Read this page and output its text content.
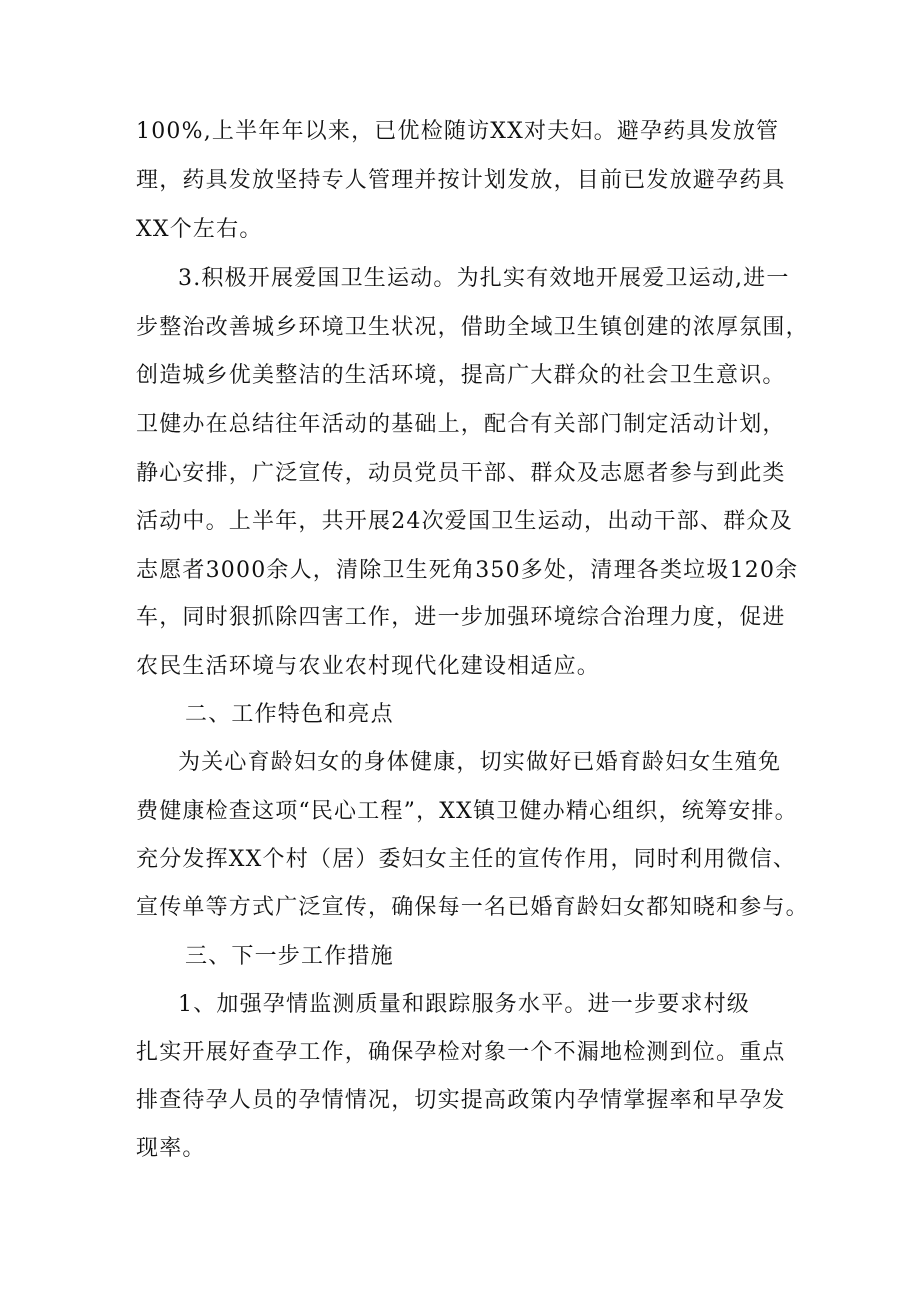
100%,上半年年以来，已优检随访XX对夫妇。避孕药具发放管
理，药具发放坚持专人管理并按计划发放，目前已发放避孕药具
XX个左右。
3.积极开展爱国卫生运动。为扎实有效地开展爱卫运动,进一
步整治改善城乡环境卫生状况，借助全域卫生镇创建的浓厚氛围，
创造城乡优美整洁的生活环境，提高广大群众的社会卫生意识。
卫健办在总结往年活动的基础上，配合有关部门制定活动计划，
静心安排，广泛宣传，动员党员干部、群众及志愿者参与到此类
活动中。上半年，共开展24次爱国卫生运动，出动干部、群众及
志愿者3000余人，清除卫生死角350多处，清理各类垃圾120余
车，同时狠抓除四害工作，进一步加强环境综合治理力度，促进
农民生活环境与农业农村现代化建设相适应。
二、工作特色和亮点
为关心育龄妇女的身体健康，切实做好已婚育龄妇女生殖免
费健康检查这项“民心工程”，XX镇卫健办精心组织，统筹安排。
充分发挥XX个村（居）委妇女主任的宣传作用，同时利用微信、
宣传单等方式广泛宣传，确保每一名已婚育龄妇女都知晓和参与。
三、下一步工作措施
1、加强孕情监测质量和跟踪服务水平。进一步要求村级
扎实开展好查孕工作，确保孕检对象一个不漏地检测到位。重点
排查待孕人员的孕情情况，切实提高政策内孕情掌握率和早孕发
现率。
